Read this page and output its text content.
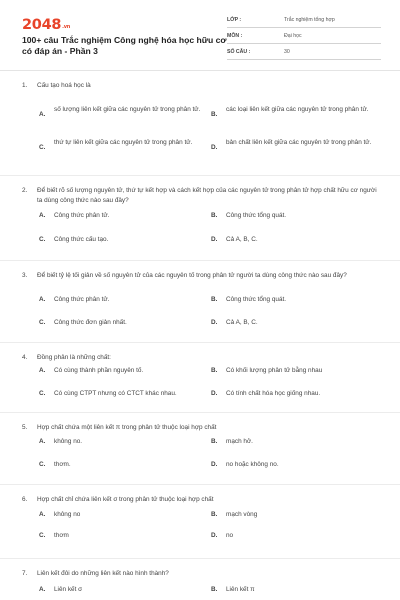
2048.vn
100+ câu Trắc nghiệm Công nghệ hóa học hữu cơ có đáp án - Phần 3
LỚP :	Trắc nghiệm tổng hợp
MÔN :	Đại học
SỐ CÂU :	30
1. Cấu tạo hoá học là
A.
số lượng liên kết giữa các nguyên tử trong phân tử.
B.
các loại liên kết giữa các nguyên tử trong phân tử.
C.
thứ tự liên kết giữa các nguyên tử trong phân tử.
D.
bản chất liên kết giữa các nguyên tử trong phân tử.
2. Để biết rõ số lượng nguyên tử, thứ tự kết hợp và cách kết hợp của các nguyên tử trong phân tử hợp chất hữu cơ người ta dùng công thức nào sau đây?
A. Công thức phân tử.	B. Công thức tổng quát.
C. Công thức cấu tạo.	D. Cả A, B, C.
3. Để biết tỷ lệ tối giản về số nguyên tử của các nguyên tố trong phân tử người ta dùng công thức nào sau đây?
A. Công thức phân tử.	B. Công thức tổng quát.
C. Công thức đơn giản nhất.	D. Cả A, B, C.
4. Đồng phân là những chất:
A. Có cùng thành phần nguyên tố.	B. Có khối lượng phân tử bằng nhau
C. Có cùng CTPT nhưng có CTCT khác nhau.	D. Có tính chất hóa học giống nhau.
5. Hợp chất chứa một liên kết π trong phân tử thuộc loại hợp chất
A. không no.	B. mạch hở.
C. thơm.	D. no hoặc không no.
6. Hợp chất chỉ chứa liên kết σ trong phân tử thuộc loại hợp chất
A. không no	B. mạch vòng
C. thơm	D. no
7. Liên kết đôi do những liên kết nào hình thành?
A. Liên kết σ	B. Liên kết π
